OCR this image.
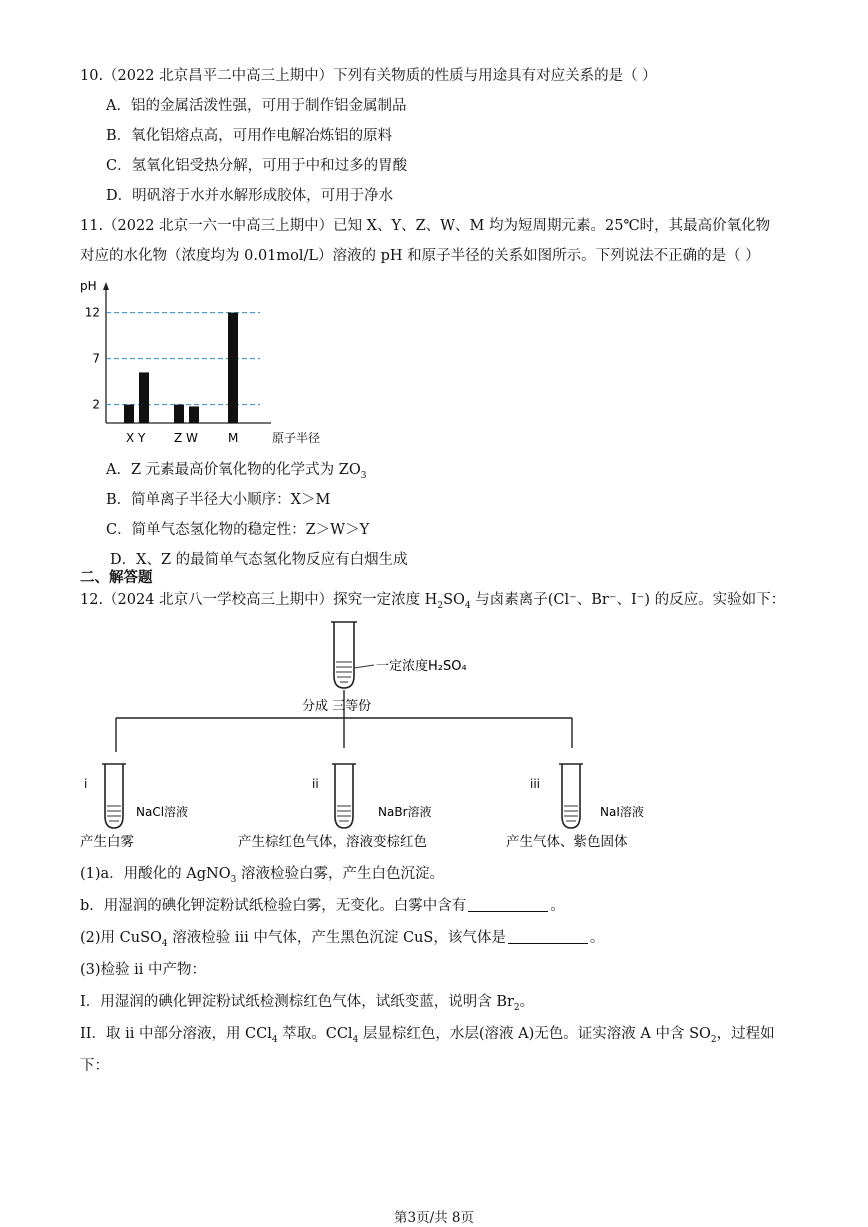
10.（2022 北京昌平二中高三上期中）下列有关物质的性质与用途具有对应关系的是（ ）
A．铝的金属活泼性强，可用于制作铝金属制品
B．氧化铝熔点高，可用作电解冶炼铝的原料
C．氢氧化铝受热分解，可用于中和过多的胃酸
D．明矾溶于水并水解形成胶体，可用于净水
11.（2022 北京一六一中高三上期中）已知 X、Y、Z、W、M 均为短周期元素。25℃时，其最高价氧化物
对应的水化物（浓度均为 0.01mol/L）溶液的 pH 和原子半径的关系如图所示。下列说法不正确的是（ ）
pH
原子半径
2
7
12
X Y Z W	M
A．Z 元素最高价氧化物的化学式为 $ZO_3$
B．简单离子半径大小顺序：X＞M
C．简单气态氢化物的稳定性：Z＞W＞Y
D．X、Z 的最简单气态氢化物反应有白烟生成
二、解答题
12.（2024 北京八一学校高三上期中）探究一定浓度 $H_2SO_4$ 与卤素离子(Cl⁻、Br⁻、I⁻) 的反应。实验如下：
一定浓度H₂SO₄
分成 三等份
i
NaCl溶液
产生白雾
ii
NaBr溶液
产生棕红色气体，溶液变棕红色
iii
NaI溶液
产生气体、紫色固体
(1)a．用酸化的 AgNO$_3$ 溶液检验白雾，产生白色沉淀。
b．用湿润的碘化钾淀粉试纸检验白雾，无变化。白雾中含有	。
(2)用 CuSO$_4$ 溶液检验 iii 中气体，产生黑色沉淀 CuS，该气体是	。
(3)检验 ii 中产物：
I．用湿润的碘化钾淀粉试纸检测棕红色气体，试纸变蓝，说明含 $Br_2$。
II．取 ii 中部分溶液，用 CCl$_4$ 萃取。CCl$_4$ 层显棕红色，水层(溶液 A)无色。证实溶液 A 中含 $SO_2$，过程如
下：
第3页/共 8页
